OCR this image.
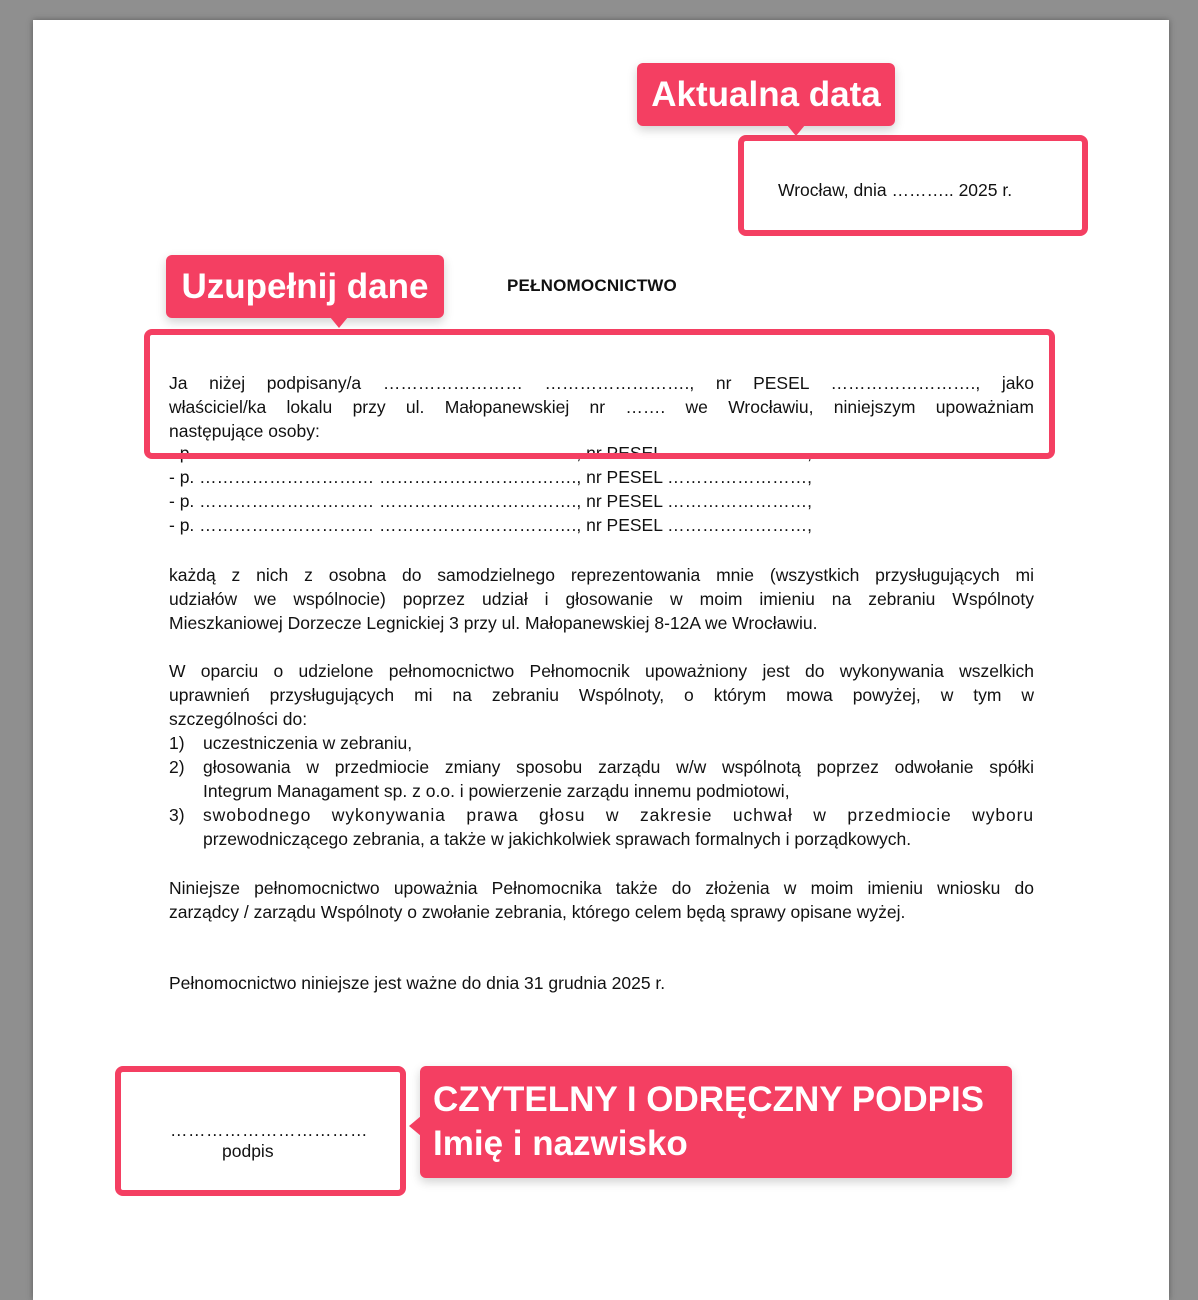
Wrocław, dnia ……….. 2025 r.
PEŁNOMOCNICTWO
Ja niżej podpisany/a …………………… ……………………., nr PESEL ……………………., jako
właściciel/ka lokalu przy ul. Małopanewskiej nr ……. we Wrocławiu, niniejszym upoważniam
następujące osoby:
- p. ………………………… ……………………………., nr PESEL ……………………,
- p. ………………………… ……………………………., nr PESEL ……………………,
- p. ………………………… ……………………………., nr PESEL ……………………,
- p. ………………………… ……………………………., nr PESEL ……………………,
każdą z nich z osobna do samodzielnego reprezentowania mnie (wszystkich przysługujących mi
udziałów we wspólnocie) poprzez udział i głosowanie w moim imieniu na zebraniu Wspólnoty
Mieszkaniowej Dorzecze Legnickiej 3 przy ul. Małopanewskiej 8-12A we Wrocławiu.
W oparciu o udzielone pełnomocnictwo Pełnomocnik upoważniony jest do wykonywania wszelkich
uprawnień przysługujących mi na zebraniu Wspólnoty, o którym mowa powyżej, w tym w
szczególności do:
1) uczestniczenia w zebraniu,
2) głosowania w przedmiocie zmiany sposobu zarządu w/w wspólnotą poprzez odwołanie spółki
Integrum Managament sp. z o.o. i powierzenie zarządu innemu podmiotowi,
3) swobodnego wykonywania prawa głosu w zakresie uchwał w przedmiocie wyboru
przewodniczącego zebrania, a także w jakichkolwiek sprawach formalnych i porządkowych.
Niniejsze pełnomocnictwo upoważnia Pełnomocnika także do złożenia w moim imieniu wniosku do
zarządcy / zarządu Wspólnoty o zwołanie zebrania, którego celem będą sprawy opisane wyżej.
Pełnomocnictwo niniejsze jest ważne do dnia 31 grudnia 2025 r.
……………………………
podpis
Aktualna data
Uzupełnij dane
CZYTELNY I ODRĘCZNY PODPIS
Imię i nazwisko
